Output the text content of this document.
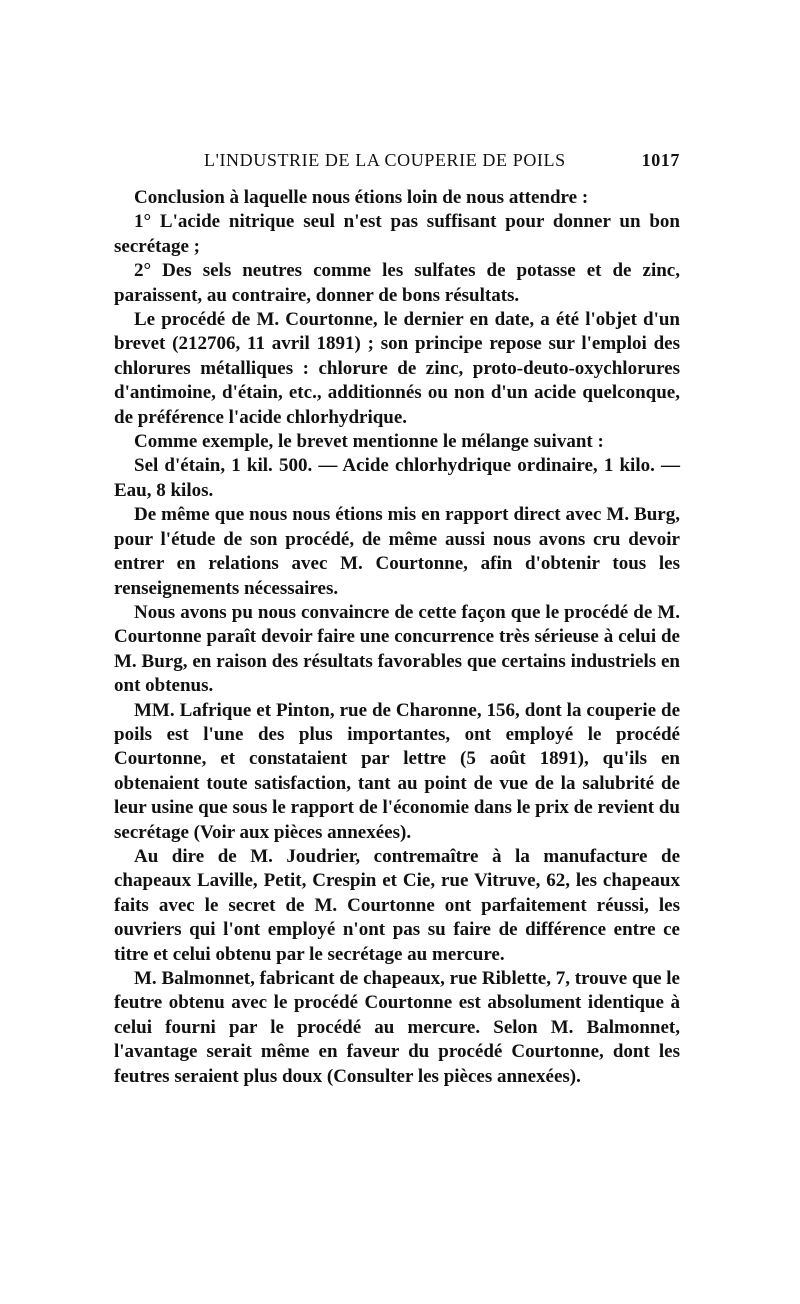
L'INDUSTRIE DE LA COUPERIE DE POILS	1017

Conclusion à laquelle nous étions loin de nous attendre :

1° L'acide nitrique seul n'est pas suffisant pour donner un bon secrétage ;

2° Des sels neutres comme les sulfates de potasse et de zinc, paraissent, au contraire, donner de bons résultats.

Le procédé de M. Courtonne, le dernier en date, a été l'objet d'un brevet (212706, 11 avril 1891) ; son principe repose sur l'emploi des chlorures métalliques : chlorure de zinc, proto-deuto-oxychlorures d'antimoine, d'étain, etc., additionnés ou non d'un acide quelconque, de préférence l'acide chlorhydrique.

Comme exemple, le brevet mentionne le mélange suivant :

Sel d'étain, 1 kil. 500. — Acide chlorhydrique ordinaire, 1 kilo. — Eau, 8 kilos.

De même que nous nous étions mis en rapport direct avec M. Burg, pour l'étude de son procédé, de même aussi nous avons cru devoir entrer en relations avec M. Courtonne, afin d'obtenir tous les renseignements nécessaires.

Nous avons pu nous convaincre de cette façon que le procédé de M. Courtonne paraît devoir faire une concurrence très sérieuse à celui de M. Burg, en raison des résultats favorables que certains industriels en ont obtenus.

MM. Lafrique et Pinton, rue de Charonne, 156, dont la couperie de poils est l'une des plus importantes, ont employé le procédé Courtonne, et constataient par lettre (5 août 1891), qu'ils en obtenaient toute satisfaction, tant au point de vue de la salubrité de leur usine que sous le rapport de l'économie dans le prix de revient du secrétage (Voir aux pièces annexées).

Au dire de M. Joudrier, contremaître à la manufacture de chapeaux Laville, Petit, Crespin et Cie, rue Vitruve, 62, les chapeaux faits avec le secret de M. Courtonne ont parfaitement réussi, les ouvriers qui l'ont employé n'ont pas su faire de différence entre ce titre et celui obtenu par le secrétage au mercure.

M. Balmonnet, fabricant de chapeaux, rue Riblette, 7, trouve que le feutre obtenu avec le procédé Courtonne est absolument identique à celui fourni par le procédé au mercure. Selon M. Balmonnet, l'avantage serait même en faveur du procédé Courtonne, dont les feutres seraient plus doux (Consulter les pièces annexées).
